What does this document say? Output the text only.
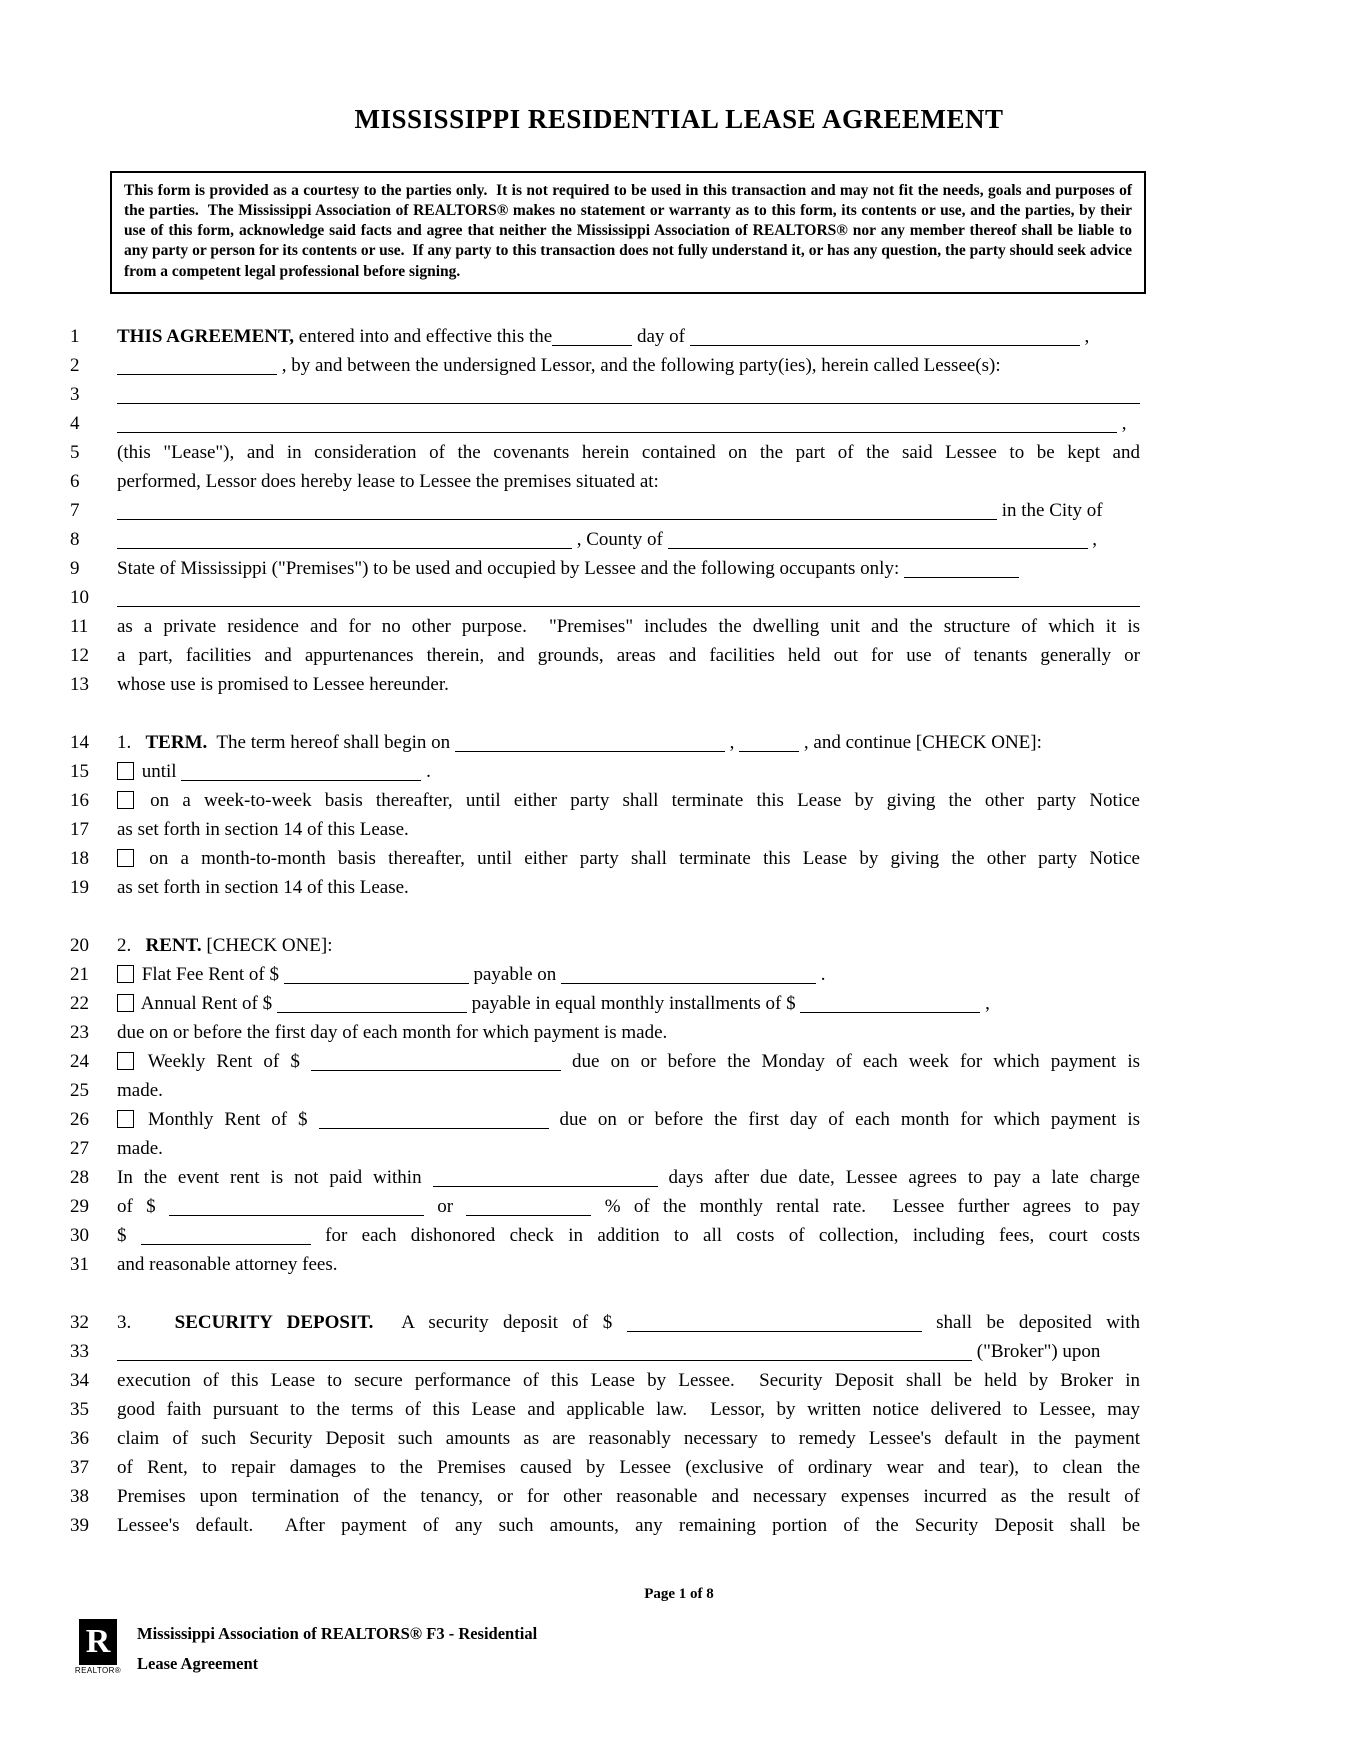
MISSISSIPPI RESIDENTIAL LEASE AGREEMENT

This form is provided as a courtesy to the parties only.  It is not required to be used in this transaction and may not fit the needs, goals and purposes of the parties.  The Mississippi Association of REALTORS® makes no statement or warranty as to this form, its contents or use, and the parties, by their use of this form, acknowledge said facts and agree that neither the Mississippi Association of REALTORS® nor any member thereof shall be liable to any party or person for its contents or use.  If any party to this transaction does not fully understand it, or has any question, the party should seek advice from a competent legal professional before signing.

1 THIS AGREEMENT, entered into and effective this the	day of	,
2	, by and between the undersigned Lessor, and the following party(ies), herein called Lessee(s):
3
4	,
5 (this "Lease"), and in consideration of the covenants herein contained on the part of the said Lessee to be kept and
6 performed, Lessor does hereby lease to Lessee the premises situated at:
7	in the City of
8	, County of	,
9 State of Mississippi ("Premises") to be used and occupied by Lessee and the following occupants only:
10
11 as a private residence and for no other purpose.  "Premises" includes the dwelling unit and the structure of which it is
12 a part, facilities and appurtenances therein, and grounds, areas and facilities held out for use of tenants generally or
13 whose use is promised to Lessee hereunder.
14 1.   TERM.  The term hereof shall begin on	,	, and continue [CHECK ONE]:
15	until	.
16	on a week-to-week basis thereafter, until either party shall terminate this Lease by giving the other party Notice
17 as set forth in section 14 of this Lease.
18	on a month-to-month basis thereafter, until either party shall terminate this Lease by giving the other party Notice
19 as set forth in section 14 of this Lease.
20 2.   RENT. [CHECK ONE]:
21	Flat Fee Rent of $	payable on	.
22	Annual Rent of $	payable in equal monthly installments of $	,
23 due on or before the first day of each month for which payment is made.
24	Weekly Rent of $	due on or before the Monday of each week for which payment is
25 made.
26	Monthly Rent of $	due on or before the first day of each month for which payment is
27 made.
28 In the event rent is not paid within	days after due date, Lessee agrees to pay a late charge
29 of $	or	% of the monthly rental rate.  Lessee further agrees to pay
30 $	for each dishonored check in addition to all costs of collection, including fees, court costs
31 and reasonable attorney fees.
32 3.   SECURITY DEPOSIT.  A security deposit of $	shall be deposited with
33	("Broker") upon
34 execution of this Lease to secure performance of this Lease by Lessee.  Security Deposit shall be held by Broker in
35 good faith pursuant to the terms of this Lease and applicable law.  Lessor, by written notice delivered to Lessee, may
36 claim of such Security Deposit such amounts as are reasonably necessary to remedy Lessee's default in the payment
37 of Rent, to repair damages to the Premises caused by Lessee (exclusive of ordinary wear and tear), to clean the
38 Premises upon termination of the tenancy, or for other reasonable and necessary expenses incurred as the result of
39 Lessee's default.  After payment of any such amounts, any remaining portion of the Security Deposit shall be
Page 1 of 8
R
REALTOR®
Mississippi Association of REALTORS® F3 - Residential
Lease Agreement
